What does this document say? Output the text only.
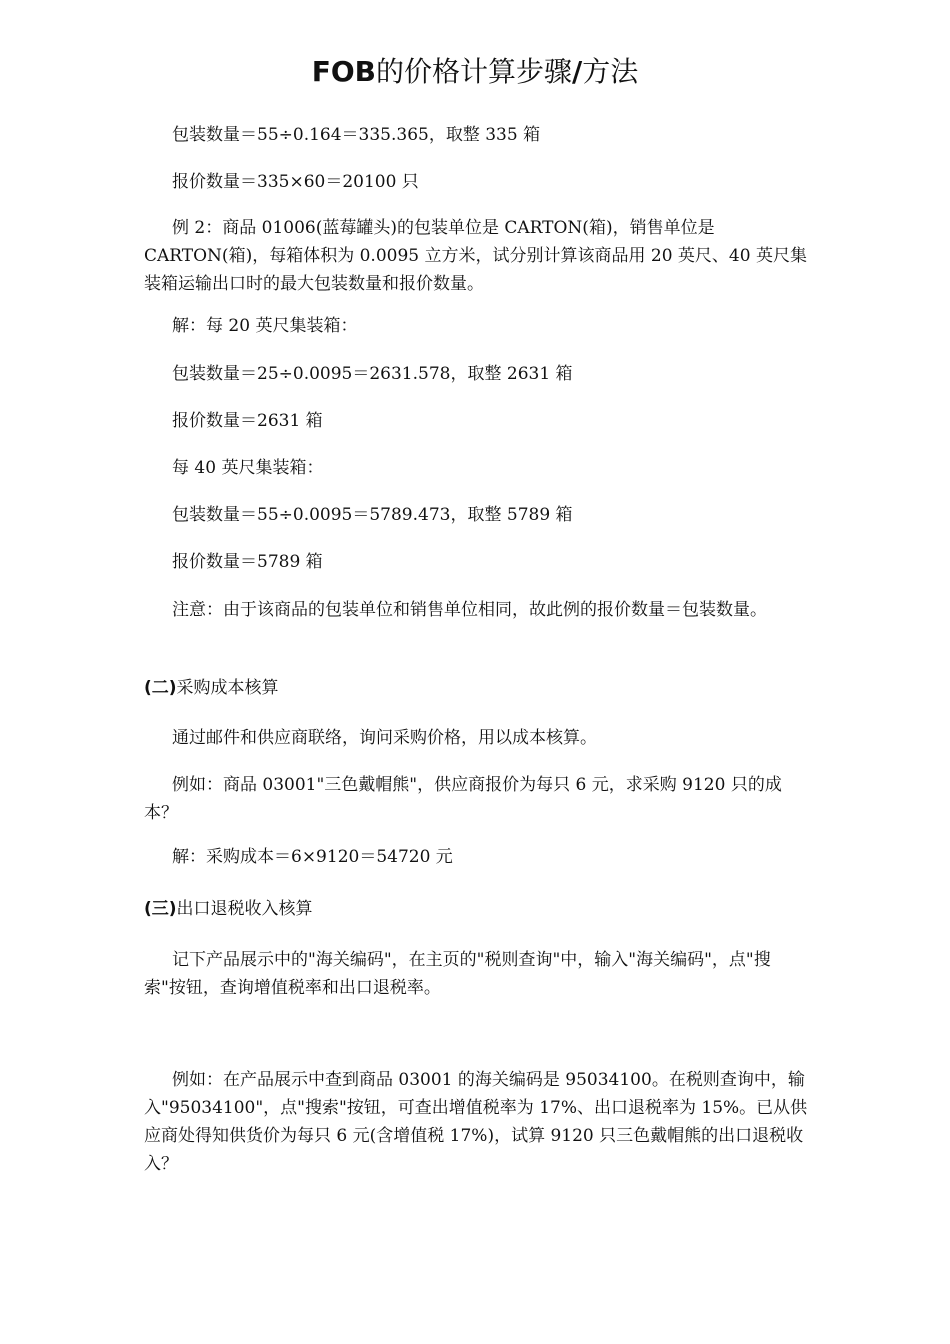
FOB的价格计算步骤/方法

包装数量＝55÷0.164＝335.365，取整 335 箱

报价数量＝335×60＝20100 只

例 2：商品 01006(蓝莓罐头)的包装单位是 CARTON(箱)，销售单位是 CARTON(箱)，每箱体积为 0.0095 立方米，试分别计算该商品用 20 英尺、40 英尺集装箱运输出口时的最大包装数量和报价数量。

解：每 20 英尺集装箱：

包装数量＝25÷0.0095＝2631.578，取整 2631 箱

报价数量＝2631 箱

每 40 英尺集装箱：

包装数量＝55÷0.0095＝5789.473，取整 5789 箱

报价数量＝5789 箱

注意：由于该商品的包装单位和销售单位相同，故此例的报价数量＝包装数量。

(二)采购成本核算

通过邮件和供应商联络，询问采购价格，用以成本核算。

例如：商品 03001"三色戴帽熊"，供应商报价为每只 6 元，求采购 9120 只的成本？

解：采购成本＝6×9120＝54720 元

(三)出口退税收入核算

记下产品展示中的"海关编码"，在主页的"税则查询"中，输入"海关编码"，点"搜索"按钮，查询增值税率和出口退税率。

例如：在产品展示中查到商品 03001 的海关编码是 95034100。在税则查询中，输入"95034100"，点"搜索"按钮，可查出增值税率为 17%、出口退税率为 15%。已从供应商处得知供货价为每只 6 元(含增值税 17%)，试算 9120 只三色戴帽熊的出口退税收入？
